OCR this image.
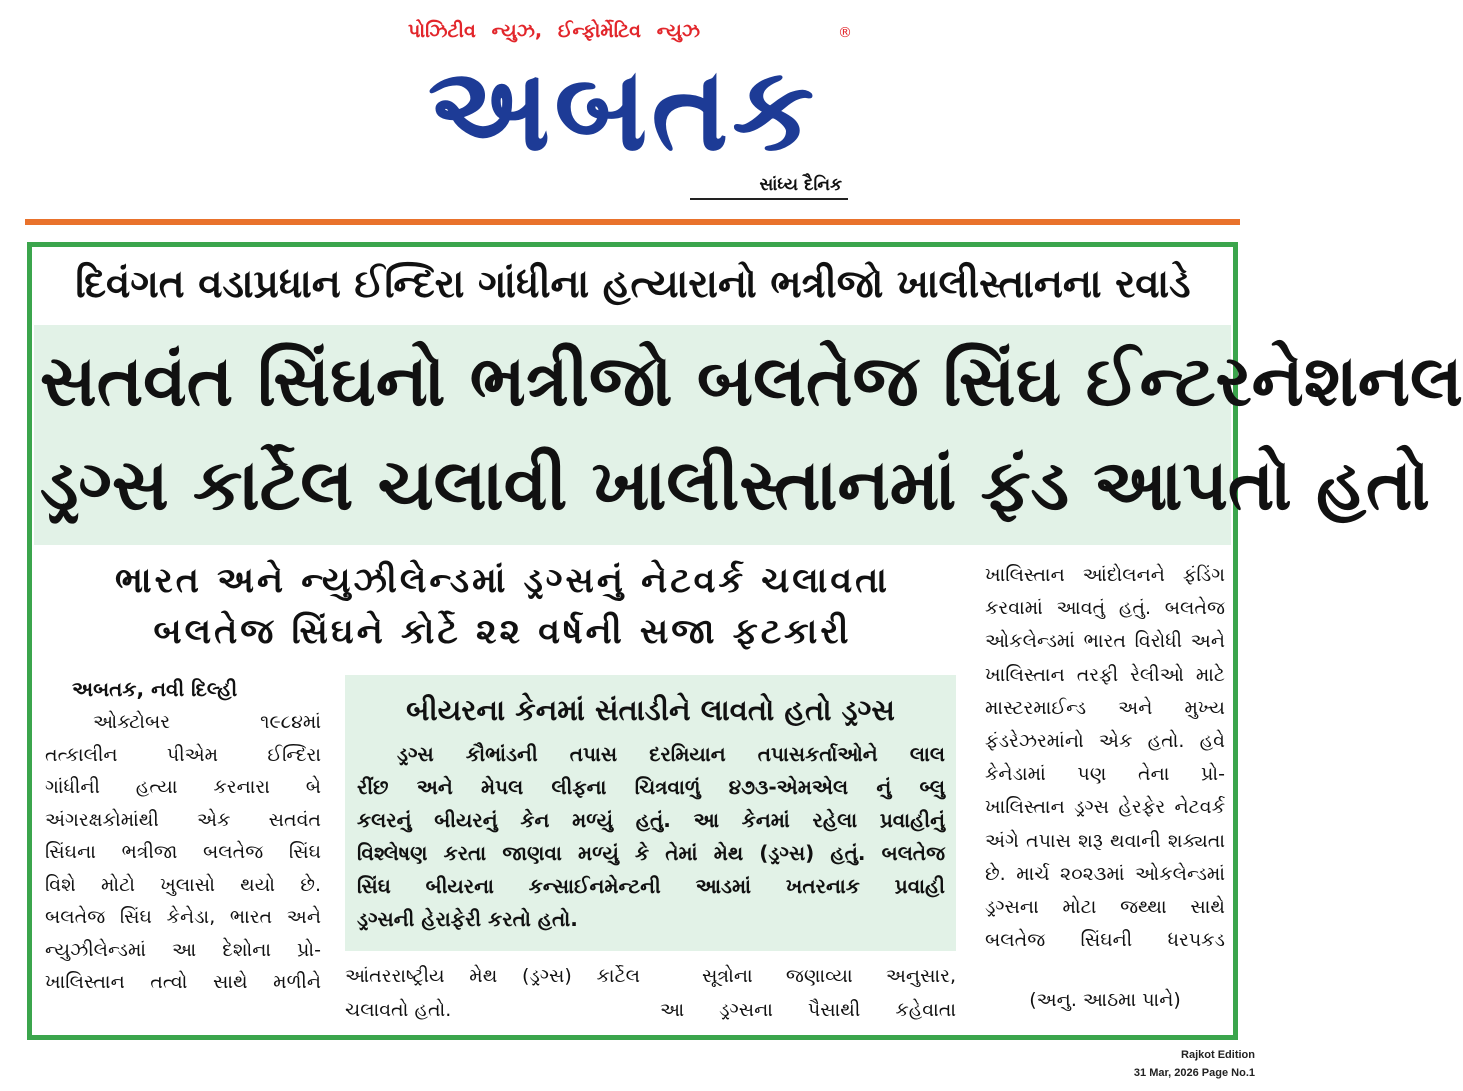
પોઝિટીવ ન્યુઝ, ઈન્ફોર્મેટિવ ન્યુઝ
અબતક
®
સાંધ્ય દૈનિક
દિવંગત વડાપ્રધાન ઈન્દિરા ગાંધીના હત્યારાનો ભત્રીજો ખાલીસ્તાનના રવાડે
સતવંત સિંઘનો ભત્રીજો બલતેજ સિંઘ ઈન્ટરનેશનલ
ડ્રગ્સ કાર્ટેલ ચલાવી ખાલીસ્તાનમાં ફંડ આપતો હતો
ભારત અને ન્યુઝીલેન્ડમાં ડ્રગ્સનું નેટવર્ક ચલાવતા
બલતેજ સિંઘને કોર્ટે ૨૨ વર્ષની સજા ફટકારી
અબતક, નવી દિલ્હી
ઓક્ટોબર ૧૯૮૪માં
તત્કાલીન પીએમ ઈન્દિરા
ગાંધીની હત્યા કરનારા બે
અંગરક્ષકોમાંથી એક સતવંત
સિંઘના ભત્રીજા બલતેજ સિંઘ
વિશે મોટો ખુલાસો થયો છે.
બલતેજ સિંઘ કેનેડા, ભારત અને
ન્યુઝીલેન્ડમાં આ દેશોના પ્રો-
ખાલિસ્તાન તત્વો સાથે મળીને
બીયરના કેનમાં સંતાડીને લાવતો હતો ડ્રગ્સ
ડ્રગ્સ કૌભાંડની તપાસ દરમિયાન તપાસકર્તાઓને લાલ
રીંછ અને મેપલ લીફના ચિત્રવાળું ૪૭૩-એમએલ નું બ્લુ
કલરનું બીયરનું કેન મળ્યું હતું. આ કેનમાં રહેલા પ્રવાહીનું
વિશ્લેષણ કરતા જાણવા મળ્યું કે તેમાં મેથ (ડ્રગ્સ) હતું. બલતેજ
સિંઘ બીયરના કન્સાઈનમેન્ટની આડમાં ખતરનાક પ્રવાહી
ડ્રગ્સની હેરાફેરી કરતો હતો.
આંતરરાષ્ટ્રીય મેથ (ડ્રગ્સ) કાર્ટેલ
ચલાવતો હતો.
સૂત્રોના જણાવ્યા અનુસાર,
આ ડ્રગ્સના પૈસાથી કહેવાતા
ખાલિસ્તાન આંદોલનને ફંડિંગ
કરવામાં આવતું હતું. બલતેજ
ઓકલેન્ડમાં ભારત વિરોધી અને
ખાલિસ્તાન તરફી રેલીઓ માટે
માસ્ટરમાઈન્ડ અને મુખ્ય
ફંડરેઝરમાંનો એક હતો. હવે
કેનેડામાં પણ તેના પ્રો-
ખાલિસ્તાન ડ્રગ્સ હેરફેર નેટવર્ક
અંગે તપાસ શરૂ થવાની શક્યતા
છે. માર્ચ ૨૦૨૩માં ઓકલેન્ડમાં
ડ્રગ્સના મોટા જથ્થા સાથે
બલતેજ સિંઘની ધરપકડ
(અનુ. આઠમા પાને)
Rajkot Edition
31 Mar, 2026 Page No.1
